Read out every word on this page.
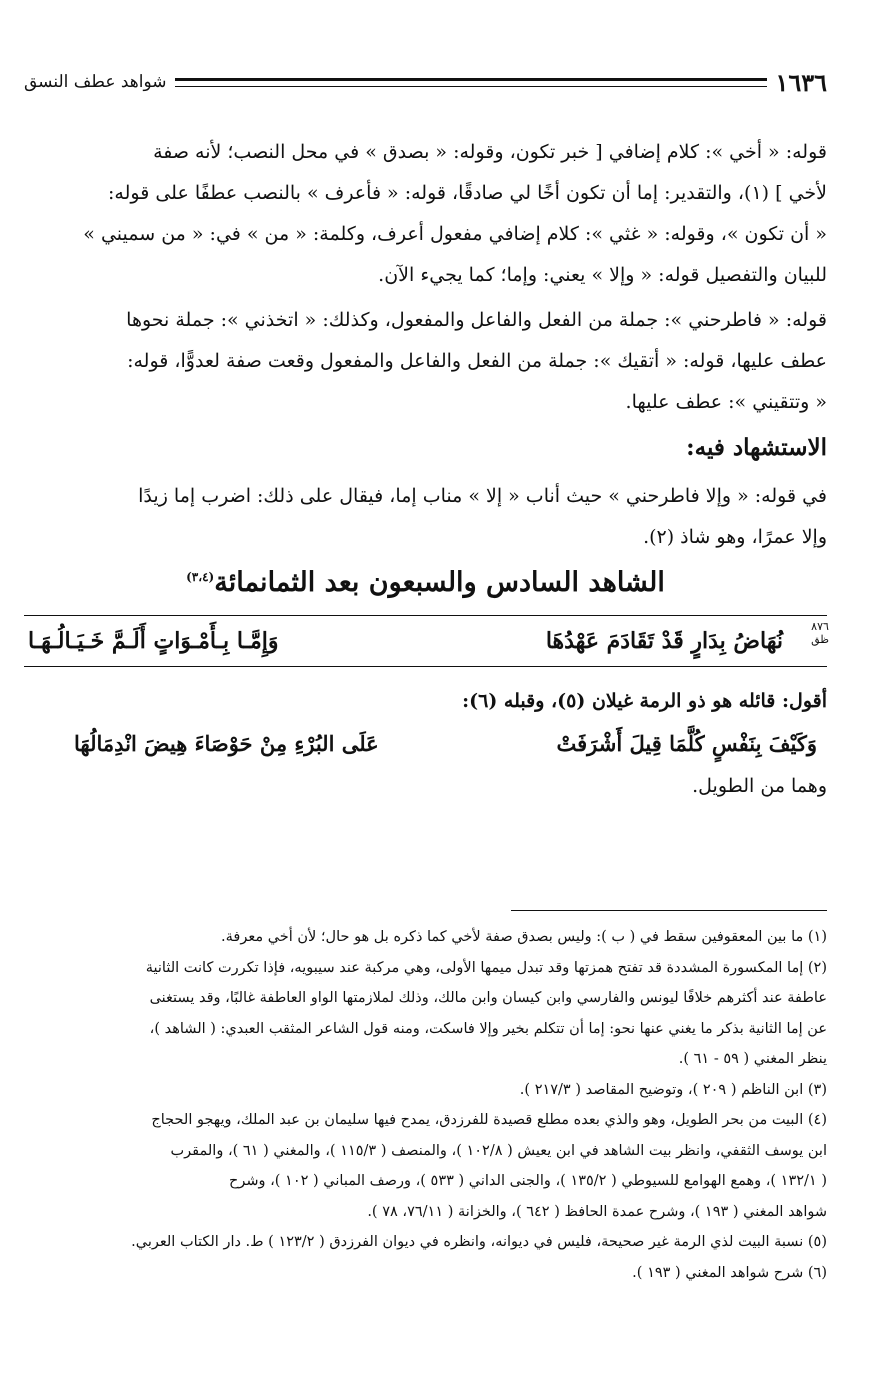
١٦٣٦
شواهد عطف النسق

قوله: « أخي »: كلام إضافي [ خبر تكون، وقوله: « بصدق » في محل النصب؛ لأنه صفة
لأخي ] (١)، والتقدير: إما أن تكون أخًا لي صادقًا، قوله: « فأعرف » بالنصب عطفًا على قوله:
« أن تكون »، وقوله: « غثي »: كلام إضافي مفعول أعرف، وكلمة: « من » في: « من سميني »
للبيان والتفصيل قوله: « وإلا » يعني: وإما؛ كما يجيء الآن.

قوله: « فاطرحني »: جملة من الفعل والفاعل والمفعول، وكذلك: « اتخذني »: جملة نحوها
عطف عليها، قوله: « أتقيك »: جملة من الفعل والفاعل والمفعول وقعت صفة لعدوًّا، قوله:
« وتتقيني »: عطف عليها.

الاستشهاد فيه:

في قوله: « وإلا فاطرحني » حيث أناب « إلا » مناب إما، فيقال على ذلك: اضرب إما زيدًا
وإلا عمرًا، وهو شاذ (٢).

الشاهد السادس والسبعون بعد الثمانمائة$^{(٣،٤)}$
٨٧٦
ظق
نُهَاضُ بِدَارٍ قَدْ تَقَادَمَ عَهْدُهَا
وَإِمَّـا بِـأَمْـوَاتٍ أَلَـمَّ خَـيَـالُـهَـا
أقول: قائله هو ذو الرمة غيلان (٥)، وقبله (٦):
وَكَيْفَ بِنَفْسٍ كُلَّمَا قِيلَ أَشْرَفَتْ
عَلَى البُرْءِ مِنْ حَوْصَاءَ هِيضَ انْدِمَالُهَا
وهما من الطويل.

(١) ما بين المعقوفين سقط في ( ب ): وليس بصدق صفة لأخي كما ذكره بل هو حال؛ لأن أخي معرفة.

(٢) إما المكسورة المشددة قد تفتح همزتها وقد تبدل ميمها الأولى، وهي مركبة عند سيبويه، فإذا تكررت كانت الثانية

عاطفة عند أكثرهم خلافًا ليونس والفارسي وابن كيسان وابن مالك، وذلك لملازمتها الواو العاطفة غالبًا، وقد يستغنى

عن إما الثانية بذكر ما يغني عنها نحو: إما أن تتكلم بخير وإلا فاسكت، ومنه قول الشاعر المثقب العبدي: ( الشاهد )،

ينظر المغني ( ٥٩ - ٦١ ).

(٣) ابن الناظم ( ٢٠٩ )، وتوضيح المقاصد ( ٢١٧/٣ ).

(٤) البيت من بحر الطويل، وهو والذي بعده مطلع قصيدة للفرزدق، يمدح فيها سليمان بن عبد الملك، ويهجو الحجاج

ابن يوسف الثقفي، وانظر بيت الشاهد في ابن يعيش ( ١٠٢/٨ )، والمنصف ( ١١٥/٣ )، والمغني ( ٦١ )، والمقرب

( ١٣٢/١ )، وهمع الهوامع للسيوطي ( ١٣٥/٢ )، والجنى الداني ( ٥٣٣ )، ورصف المباني ( ١٠٢ )، وشرح

شواهد المغني ( ١٩٣ )، وشرح عمدة الحافظ ( ٦٤٢ )، والخزانة ( ٧٦/١١، ٧٨ ).

(٥) نسبة البيت لذي الرمة غير صحيحة، فليس في ديوانه، وانظره في ديوان الفرزدق ( ١٢٣/٢ ) ط. دار الكتاب العربي.

(٦) شرح شواهد المغني ( ١٩٣ ).
